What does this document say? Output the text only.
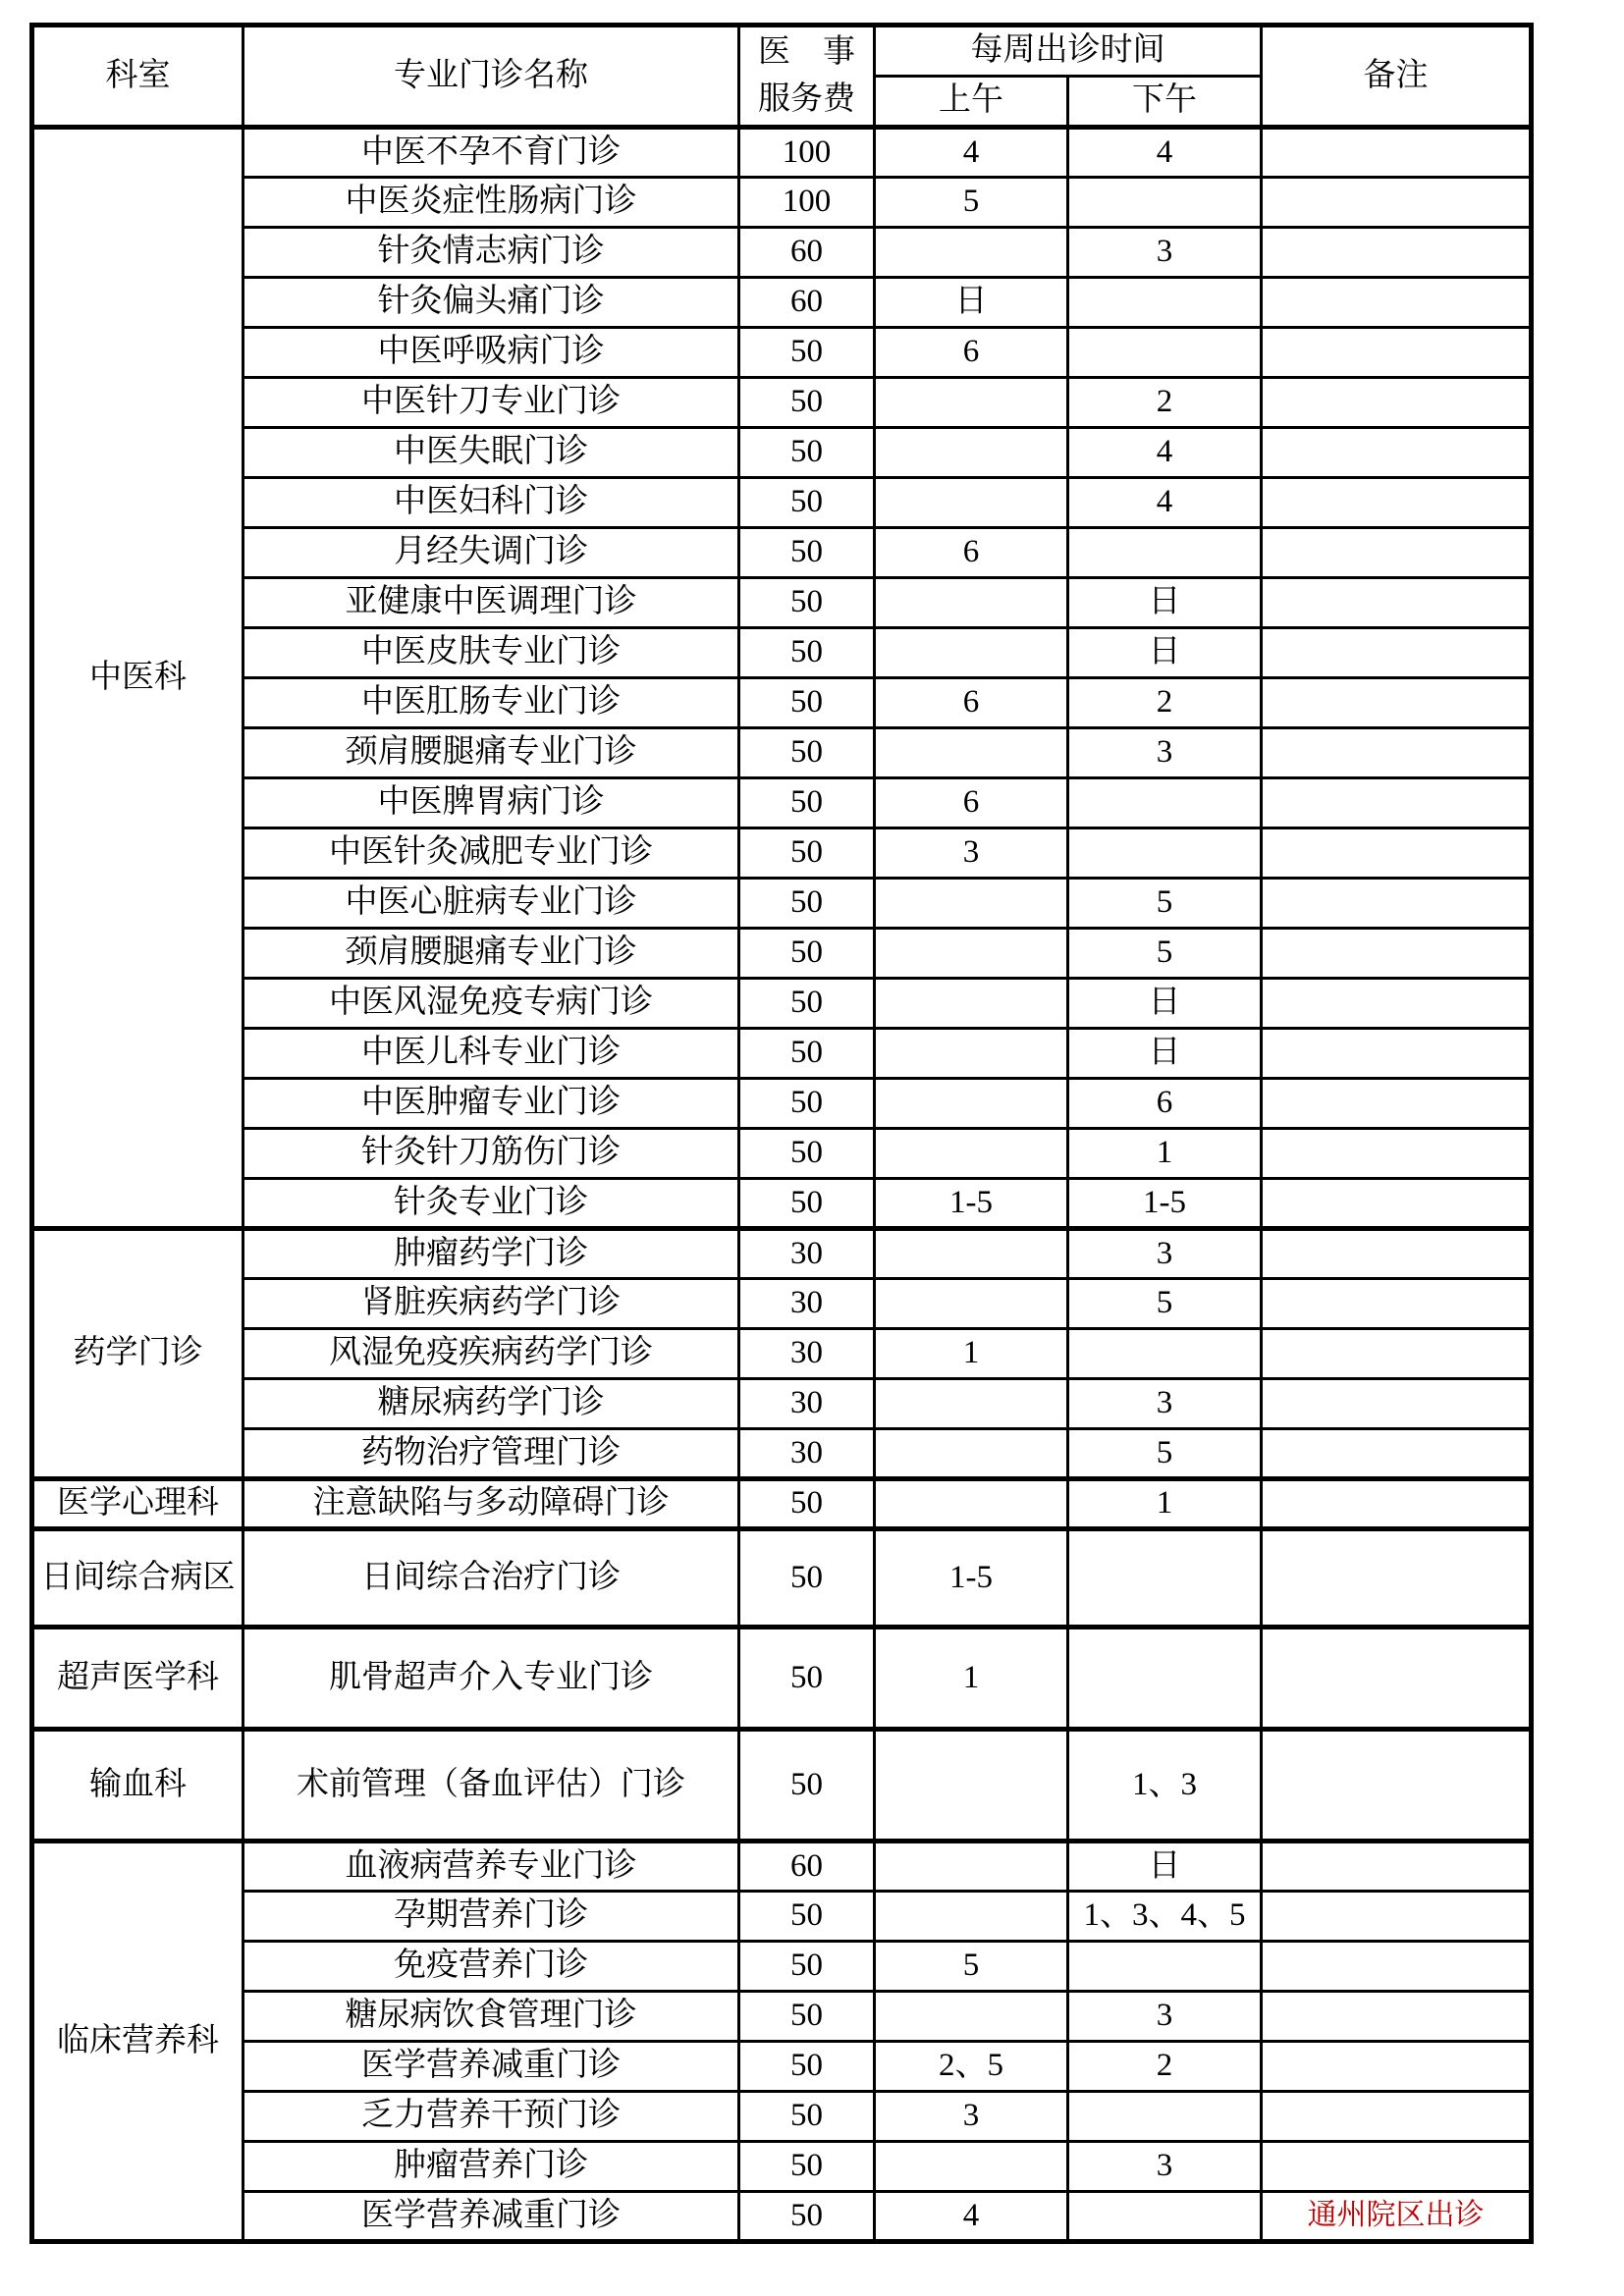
科室	专业门诊名称	医　事
服务费	每周出诊时间		备注
			上午	下午	
中医科	中医不孕不育门诊	100	4	4	
	中医炎症性肠病门诊	100	5		
	针灸情志病门诊	60		3	
	针灸偏头痛门诊	60	日		
	中医呼吸病门诊	50	6		
	中医针刀专业门诊	50		2	
	中医失眠门诊	50		4	
	中医妇科门诊	50		4	
	月经失调门诊	50	6		
	亚健康中医调理门诊	50		日	
	中医皮肤专业门诊	50		日	
	中医肛肠专业门诊	50	6	2	
	颈肩腰腿痛专业门诊	50		3	
	中医脾胃病门诊	50	6		
	中医针灸减肥专业门诊	50	3		
	中医心脏病专业门诊	50		5	
	颈肩腰腿痛专业门诊	50		5	
	中医风湿免疫专病门诊	50		日	
	中医儿科专业门诊	50		日	
	中医肿瘤专业门诊	50		6	
	针灸针刀筋伤门诊	50		1	
	针灸专业门诊	50	1-5	1-5	
药学门诊	肿瘤药学门诊	30		3	
	肾脏疾病药学门诊	30		5	
	风湿免疫疾病药学门诊	30	1		
	糖尿病药学门诊	30		3	
	药物治疗管理门诊	30		5	
医学心理科	注意缺陷与多动障碍门诊	50		1	
日间综合病区	日间综合治疗门诊	50	1-5		
超声医学科	肌骨超声介入专业门诊	50	1		
输血科	术前管理（备血评估）门诊	50		1、3	
临床营养科	血液病营养专业门诊	60		日	
	孕期营养门诊	50		1、3、4、5	
	免疫营养门诊	50	5		
	糖尿病饮食管理门诊	50		3	
	医学营养减重门诊	50	2、5	2	
	乏力营养干预门诊	50	3		
	肿瘤营养门诊	50		3	
	医学营养减重门诊	50	4		通州院区出诊
